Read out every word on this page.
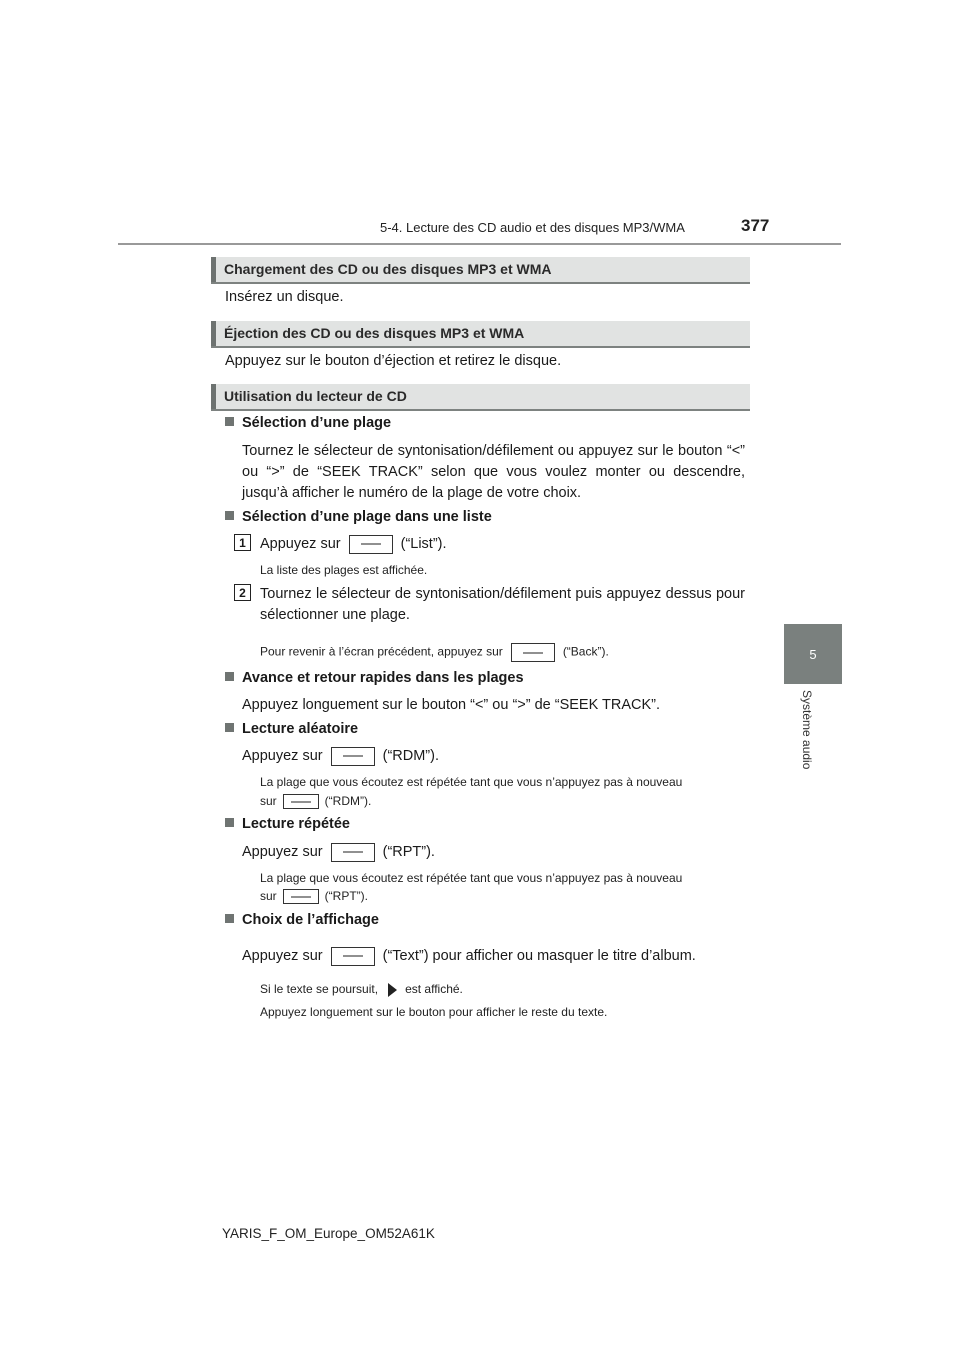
5-4. Lecture des CD audio et des disques MP3/WMA	377
5
Système audio
Chargement des CD ou des disques MP3 et WMA
Insérez un disque.
Éjection des CD ou des disques MP3 et WMA
Appuyez sur le bouton d’éjection et retirez le disque.
Utilisation du lecteur de CD
Sélection d’une plage
Tournez le sélecteur de syntonisation/défilement ou appuyez sur le bouton “<” ou “>” de “SEEK TRACK” selon que vous voulez monter ou descendre, jusqu’à afficher le numéro de la plage de votre choix.
Sélection d’une plage dans une liste
1 Appuyez sur	(“List”).
La liste des plages est affichée.
2 Tournez le sélecteur de syntonisation/défilement puis appuyez dessus pour sélectionner une plage.
Pour revenir à l’écran précédent, appuyez sur	(“Back”).
Avance et retour rapides dans les plages
Appuyez longuement sur le bouton “<” ou “>” de “SEEK TRACK”.
Lecture aléatoire
Appuyez sur	(“RDM”).
La plage que vous écoutez est répétée tant que vous n’appuyez pas à nouveau
sur	(“RDM”).
Lecture répétée
Appuyez sur	(“RPT”).
La plage que vous écoutez est répétée tant que vous n’appuyez pas à nouveau
sur	(“RPT”).
Choix de l’affichage
Appuyez sur	(“Text”) pour afficher ou masquer le titre d’album.
Si le texte se poursuit, est affiché.
Appuyez longuement sur le bouton pour afficher le reste du texte.
YARIS_F_OM_Europe_OM52A61K
